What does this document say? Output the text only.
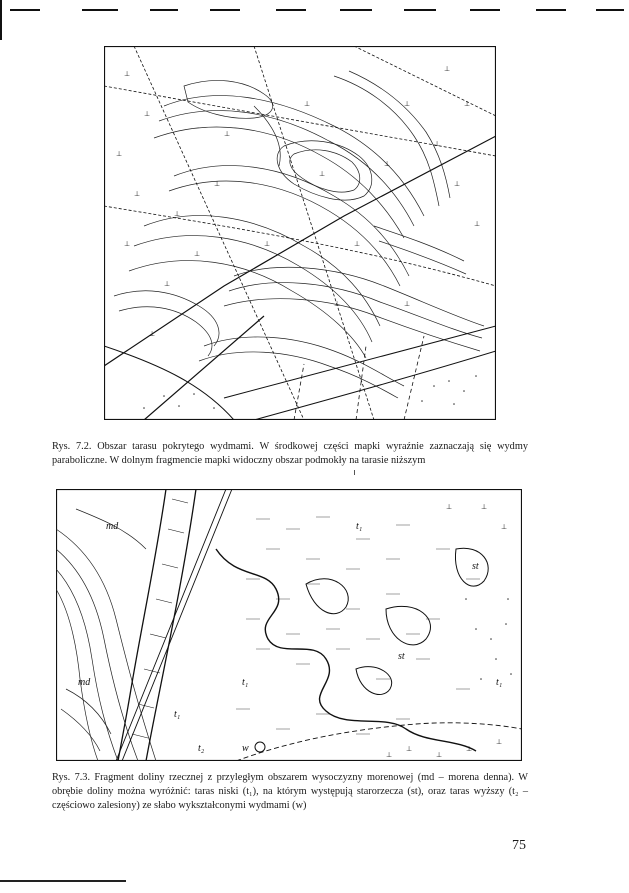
⊥
⊥
⊥
⊥
⊥
⊥
⊥
⊥
⊥
⊥
⊥
⊥
⊥
⊥
⊥
⊥
⊥
⊥
⊥
⊥
⊥
⊥
⊥
⊥
Rys. 7.2. Obszar tarasu pokrytego wydmami. W środkowej części mapki wyraźnie zaznaczają się wydmy paraboliczne. W dolnym fragmencie mapki widoczny obszar podmokły na tarasie niższym
⊥
⊥
⊥
⊥
⊥
⊥
⊥
⊥
md
md
t₁
st
t₁
st
t₁
t₁
t₂	w
Rys. 7.3. Fragment doliny rzecznej z przyległym obszarem wysoczyzny morenowej (md – morena denna). W obrębie doliny można wyróżnić: taras niski (t₁), na którym występują starorzecza (st), oraz taras wyższy (t₂ – częściowo zalesiony) ze słabo wykształconymi wydmami (w)
75
